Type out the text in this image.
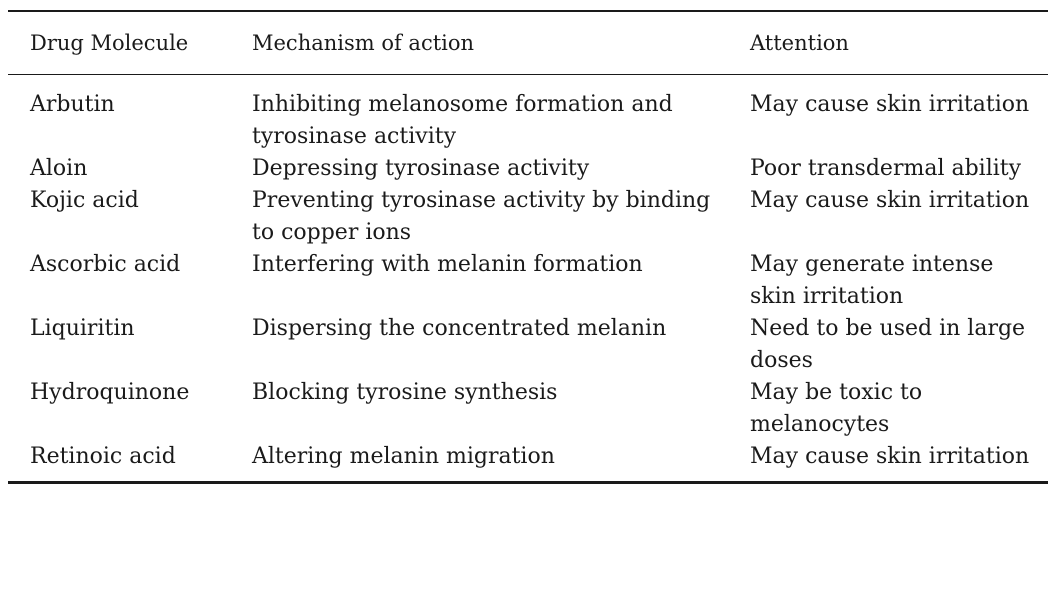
Drug Molecule	Mechanism of action	Attention
Arbutin	Inhibiting melanosome formation and tyrosinase activity	May cause skin irritation
Aloin	Depressing tyrosinase activity	Poor transdermal ability
Kojic acid	Preventing tyrosinase activity by binding to copper ions	May cause skin irritation
Ascorbic acid	Interfering with melanin formation	May generate intense skin irritation
Liquiritin	Dispersing the concentrated melanin	Need to be used in large doses
Hydroquinone	Blocking tyrosine synthesis	May be toxic to melanocytes
Retinoic acid	Altering melanin migration	May cause skin irritation
